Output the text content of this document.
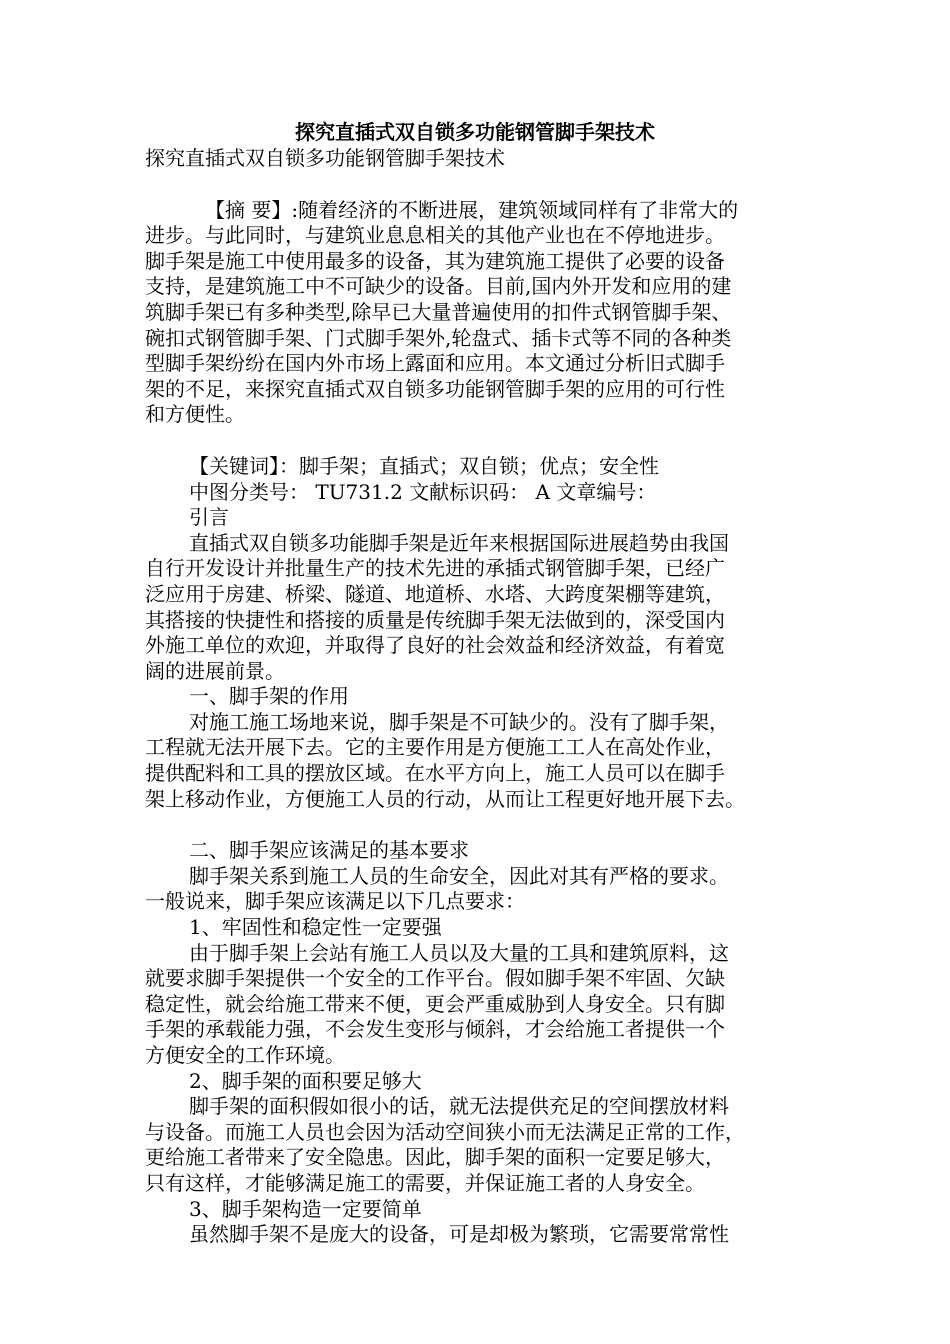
探究直插式双自锁多功能钢管脚手架技术
探究直插式双自锁多功能钢管脚手架技术
【摘 要】:随着经济的不断进展，建筑领域同样有了非常大的
进步。与此同时，与建筑业息息相关的其他产业也在不停地进步。
脚手架是施工中使用最多的设备，其为建筑施工提供了必要的设备
支持，是建筑施工中不可缺少的设备。目前,国内外开发和应用的建
筑脚手架已有多种类型,除早已大量普遍使用的扣件式钢管脚手架、
碗扣式钢管脚手架、门式脚手架外,轮盘式、插卡式等不同的各种类
型脚手架纷纷在国内外市场上露面和应用。本文通过分析旧式脚手
架的不足，来探究直插式双自锁多功能钢管脚手架的应用的可行性
和方便性。
【关键词】：脚手架；直插式；双自锁；优点；安全性
中图分类号： TU731.2 文献标识码： A 文章编号：
引言
直插式双自锁多功能脚手架是近年来根据国际进展趋势由我国
自行开发设计并批量生产的技术先进的承插式钢管脚手架，已经广
泛应用于房建、桥梁、隧道、地道桥、水塔、大跨度架棚等建筑，
其搭接的快捷性和搭接的质量是传统脚手架无法做到的，深受国内
外施工单位的欢迎，并取得了良好的社会效益和经济效益，有着宽
阔的进展前景。
一、脚手架的作用
对施工施工场地来说，脚手架是不可缺少的。没有了脚手架，
工程就无法开展下去。它的主要作用是方便施工工人在高处作业，
提供配料和工具的摆放区域。在水平方向上，施工人员可以在脚手
架上移动作业，方便施工人员的行动，从而让工程更好地开展下去。
二、脚手架应该满足的基本要求
脚手架关系到施工人员的生命安全，因此对其有严格的要求。
一般说来，脚手架应该满足以下几点要求：
1、牢固性和稳定性一定要强
由于脚手架上会站有施工人员以及大量的工具和建筑原料，这
就要求脚手架提供一个安全的工作平台。假如脚手架不牢固、欠缺
稳定性，就会给施工带来不便，更会严重威胁到人身安全。只有脚
手架的承载能力强，不会发生变形与倾斜，才会给施工者提供一个
方便安全的工作环境。
2、脚手架的面积要足够大
脚手架的面积假如很小的话，就无法提供充足的空间摆放材料
与设备。而施工人员也会因为活动空间狭小而无法满足正常的工作，
更给施工者带来了安全隐患。因此，脚手架的面积一定要足够大，
只有这样，才能够满足施工的需要，并保证施工者的人身安全。
3、脚手架构造一定要简单
虽然脚手架不是庞大的设备，可是却极为繁琐，它需要常常性
